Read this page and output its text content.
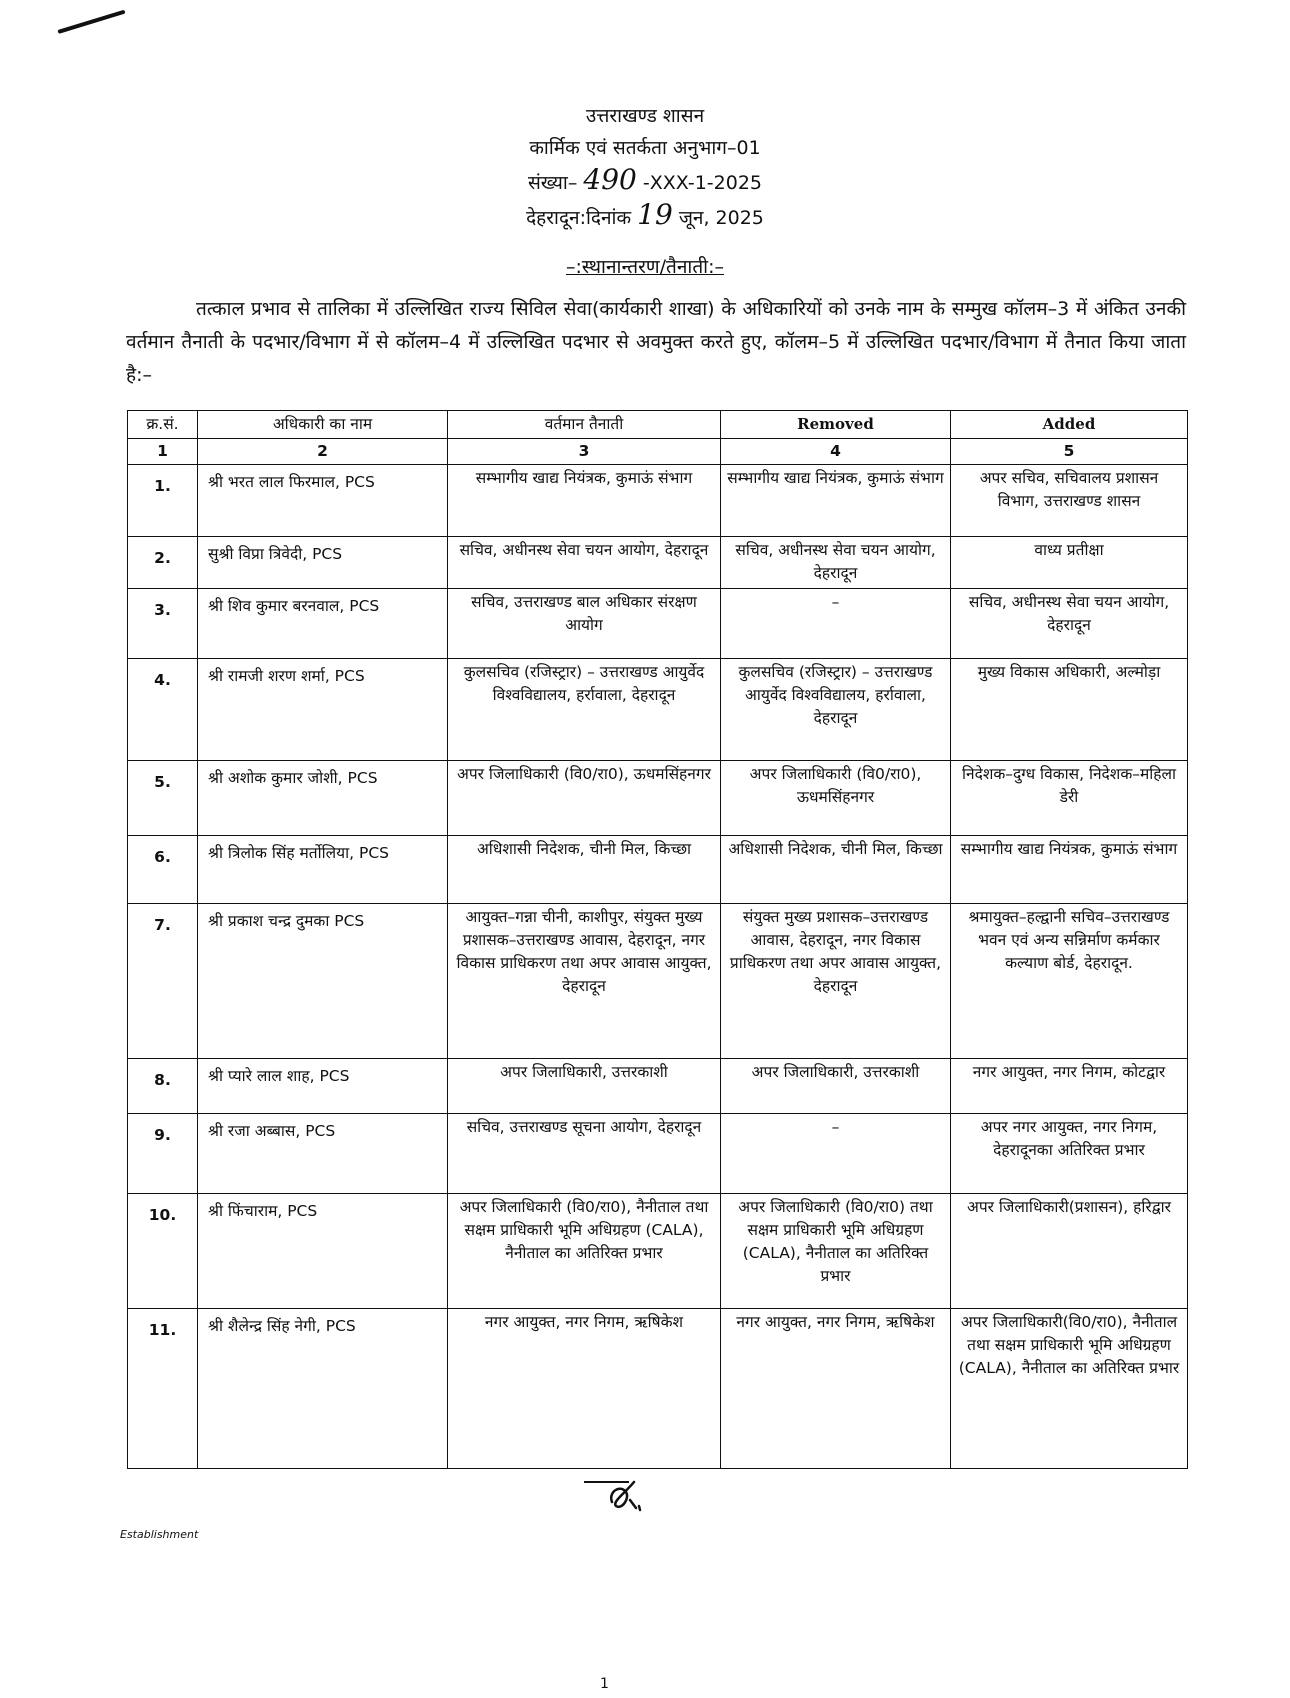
उत्तराखण्ड शासन
कार्मिक एवं सतर्कता अनुभाग–01
संख्या– 490 -XXX-1-2025
देहरादून:दिनांक 19 जून, 2025
–:स्थानान्तरण/तैनाती:–
तत्काल प्रभाव से तालिका में उल्लिखित राज्य सिविल सेवा(कार्यकारी शाखा) के अधिकारियों को उनके नाम के सम्मुख कॉलम–3 में अंकित उनकी वर्तमान तैनाती के पदभार/विभाग में से कॉलम–4 में उल्लिखित पदभार से अवमुक्त करते हुए, कॉलम–5 में उल्लिखित पदभार/विभाग में तैनात किया जाता है:–
क्र.सं.	अधिकारी का नाम	वर्तमान तैनाती	Removed	Added
1	2	3	4	5
1.	श्री भरत लाल फिरमाल, PCS	सम्भागीय खाद्य नियंत्रक, कुमाऊं संभाग	सम्भागीय खाद्य नियंत्रक, कुमाऊं संभाग	अपर सचिव, सचिवालय प्रशासन विभाग, उत्तराखण्ड शासन
2.	सुश्री विप्रा त्रिवेदी, PCS	सचिव, अधीनस्थ सेवा चयन आयोग, देहरादून	सचिव, अधीनस्थ सेवा चयन आयोग, देहरादून	वाध्य प्रतीक्षा
3.	श्री शिव कुमार बरनवाल, PCS	सचिव, उत्तराखण्ड बाल अधिकार संरक्षण आयोग	–	सचिव, अधीनस्थ सेवा चयन आयोग, देहरादून
4.	श्री रामजी शरण शर्मा, PCS	कुलसचिव (रजिस्ट्रार) – उत्तराखण्ड आयुर्वेद विश्वविद्यालय, हर्रावाला, देहरादून	कुलसचिव (रजिस्ट्रार) – उत्तराखण्ड आयुर्वेद विश्वविद्यालय, हर्रावाला, देहरादून	मुख्य विकास अधिकारी, अल्मोड़ा
5.	श्री अशोक कुमार जोशी, PCS	अपर जिलाधिकारी (वि0/रा0), ऊधमसिंहनगर	अपर जिलाधिकारी (वि0/रा0), ऊधमसिंहनगर	निदेशक–दुग्ध विकास, निदेशक–महिला डेरी
6.	श्री त्रिलोक सिंह मर्तोलिया, PCS	अधिशासी निदेशक, चीनी मिल, किच्छा	अधिशासी निदेशक, चीनी मिल, किच्छा	सम्भागीय खाद्य नियंत्रक, कुमाऊं संभाग
7.	श्री प्रकाश चन्द्र दुमका PCS	आयुक्त–गन्ना चीनी, काशीपुर, संयुक्त मुख्य प्रशासक–उत्तराखण्ड आवास, देहरादून, नगर विकास प्राधिकरण तथा अपर आवास आयुक्त, देहरादून	संयुक्त मुख्य प्रशासक–उत्तराखण्ड आवास, देहरादून, नगर विकास प्राधिकरण तथा अपर आवास आयुक्त, देहरादून	श्रमायुक्त–हल्द्वानी सचिव–उत्तराखण्ड भवन एवं अन्य सन्निर्माण कर्मकार कल्याण बोर्ड, देहरादून.
8.	श्री प्यारे लाल शाह, PCS	अपर जिलाधिकारी, उत्तरकाशी	अपर जिलाधिकारी, उत्तरकाशी	नगर आयुक्त, नगर निगम, कोटद्वार
9.	श्री रजा अब्बास, PCS	सचिव, उत्तराखण्ड सूचना आयोग, देहरादून	–	अपर नगर आयुक्त, नगर निगम, देहरादूनका अतिरिक्त प्रभार
10.	श्री फिंचाराम, PCS	अपर जिलाधिकारी (वि0/रा0), नैनीताल तथा सक्षम प्राधिकारी भूमि अधिग्रहण (CALA), नैनीताल का अतिरिक्त प्रभार	अपर जिलाधिकारी (वि0/रा0) तथा सक्षम प्राधिकारी भूमि अधिग्रहण (CALA), नैनीताल का अतिरिक्त प्रभार	अपर जिलाधिकारी(प्रशासन), हरिद्वार
11.	श्री शैलेन्द्र सिंह नेगी, PCS	नगर आयुक्त, नगर निगम, ऋषिकेश	नगर आयुक्त, नगर निगम, ऋषिकेश	अपर जिलाधिकारी(वि0/रा0), नैनीताल तथा सक्षम प्राधिकारी भूमि अधिग्रहण (CALA), नैनीताल का अतिरिक्त प्रभार
Establishment
1
